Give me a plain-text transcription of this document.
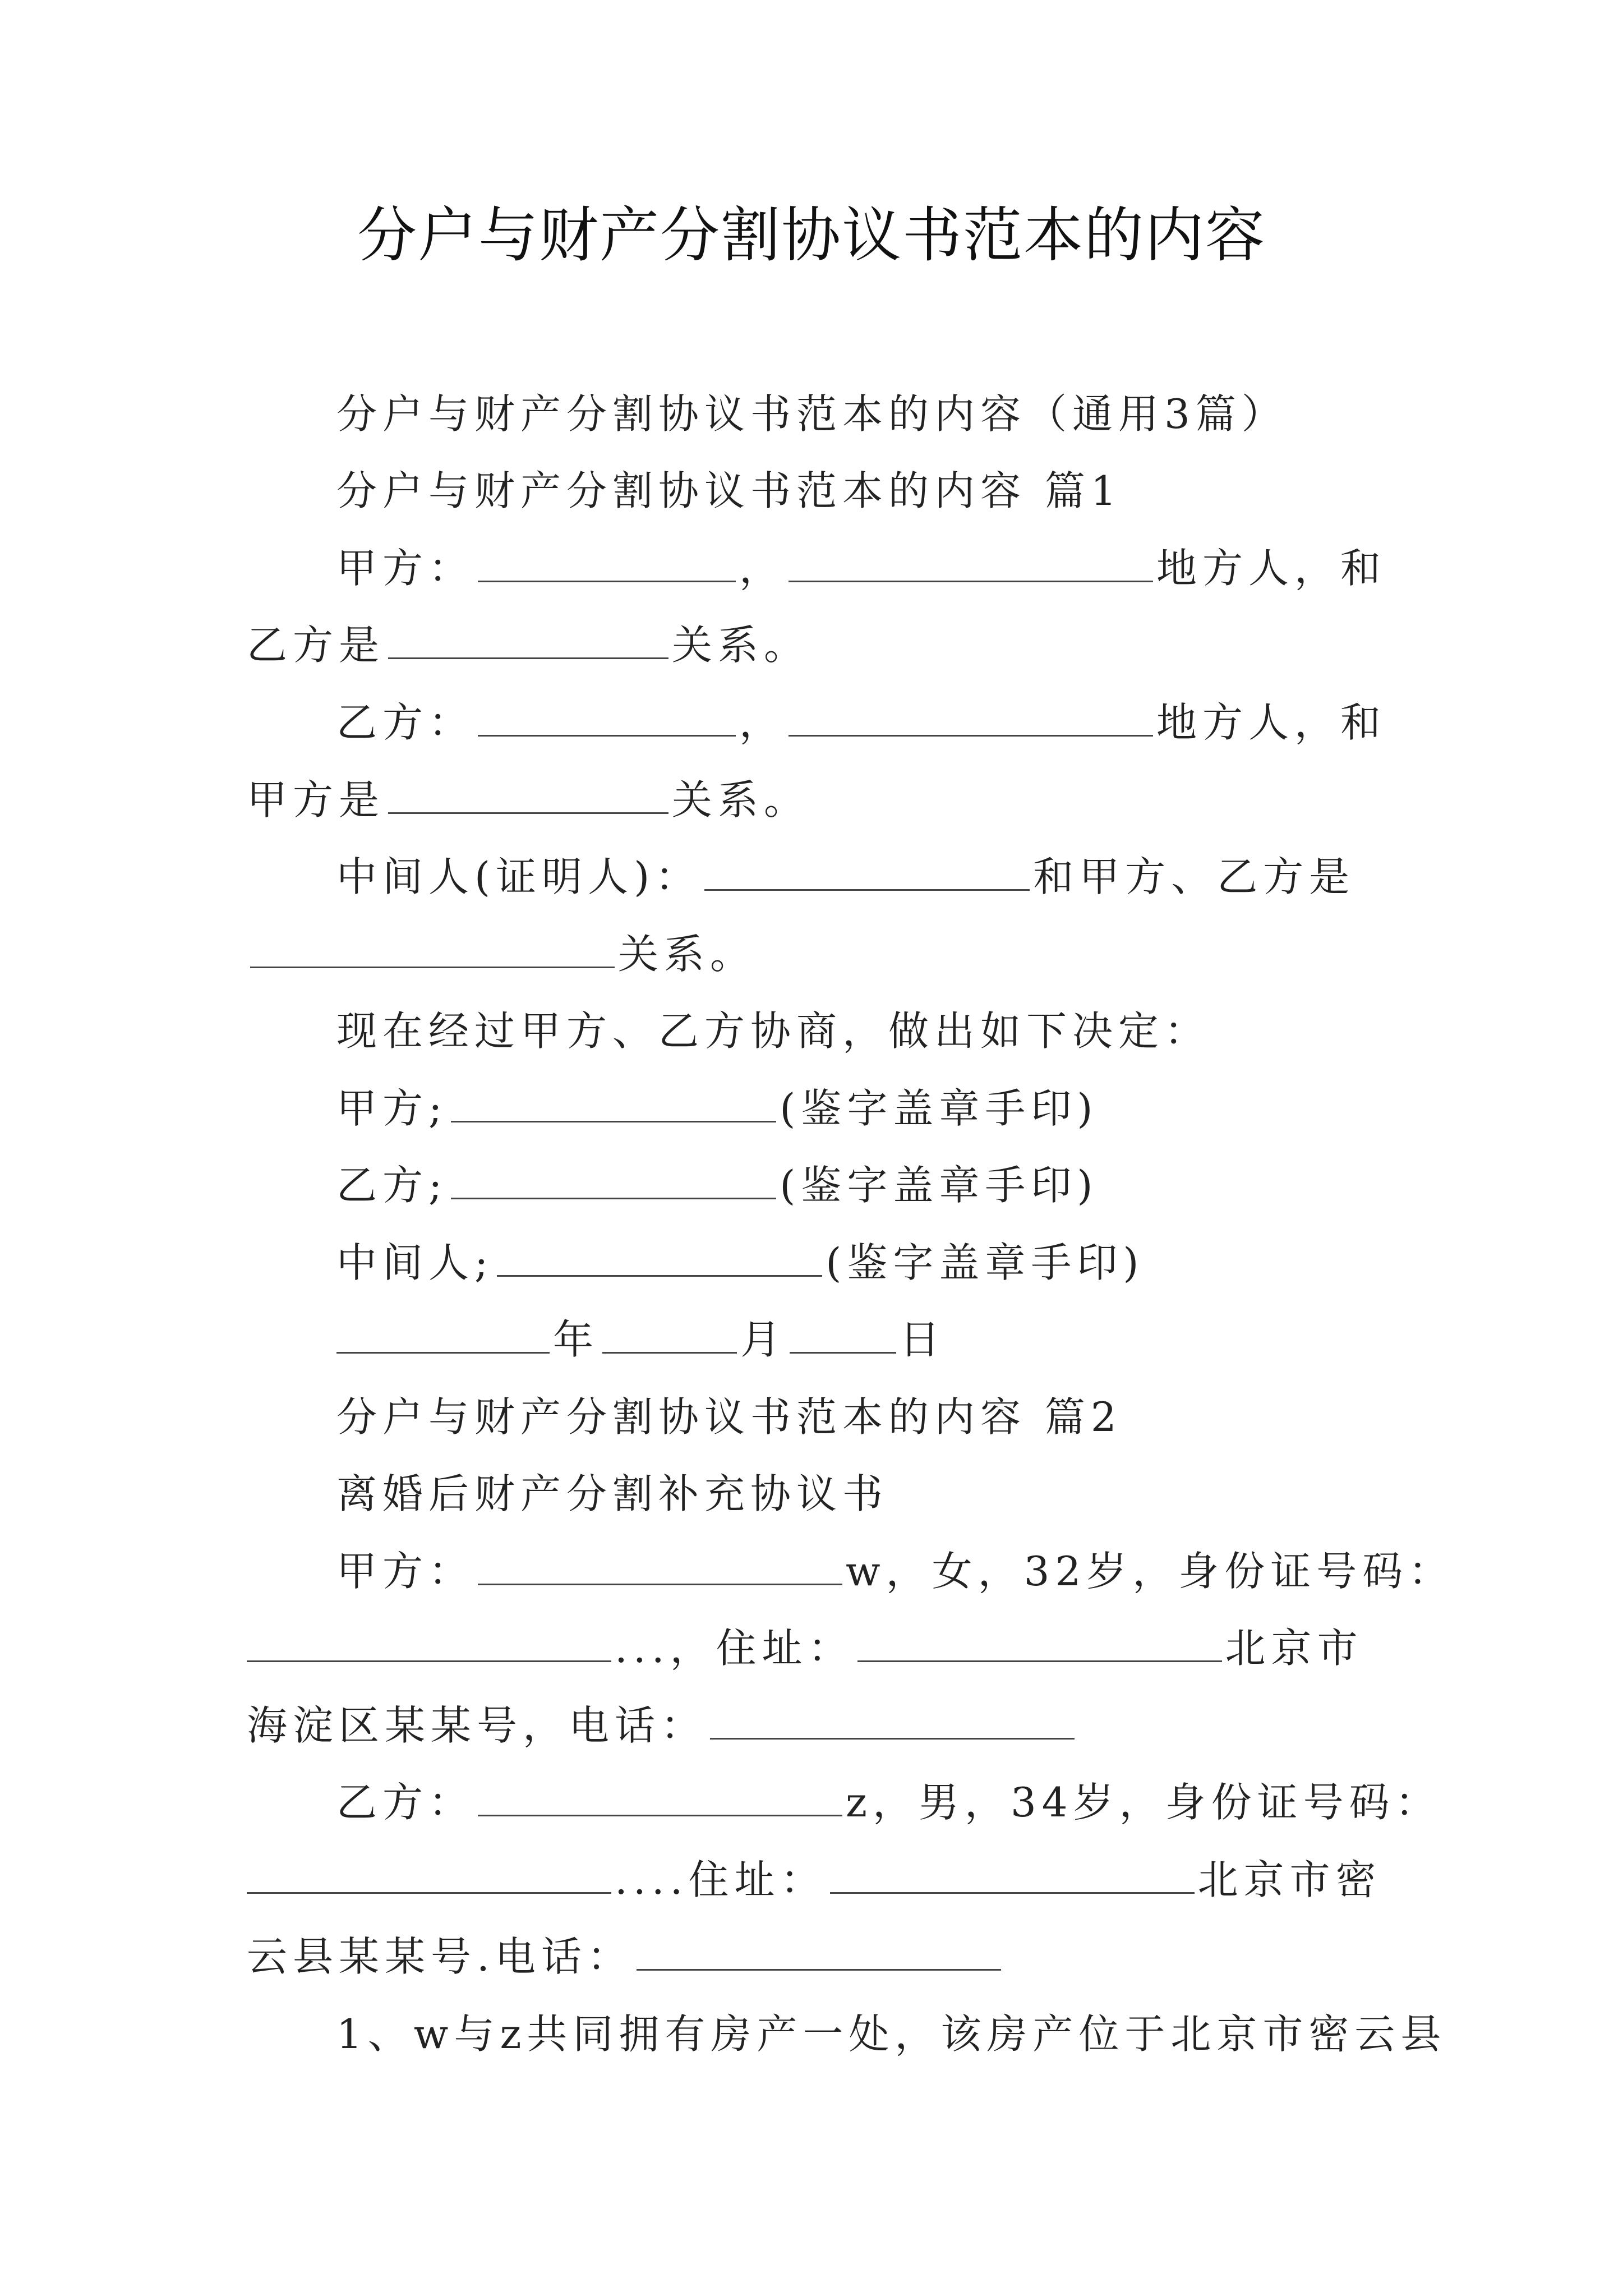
分户与财产分割协议书范本的内容
分户与财产分割协议书范本的内容（通用3篇）
分户与财产分割协议书范本的内容 篇1
甲方：	，	地方人，和
乙方是	关系。
乙方：	，	地方人，和
甲方是	关系。
中间人(证明人)：	和甲方、乙方是
关系。
现在经过甲方、乙方协商，做出如下决定：
甲方;	(鉴字盖章手印)
乙方;	(鉴字盖章手印)
中间人;	(鉴字盖章手印)
年	月	日
分户与财产分割协议书范本的内容 篇2
离婚后财产分割补充协议书
甲方：	w，女，32岁，身份证号码：
...，住址：	北京市
海淀区某某号，电话：
乙方：	z，男，34岁，身份证号码：
....住址：	北京市密
云县某某号.电话：
1、w与z共同拥有房产一处，该房产位于北京市密云县
